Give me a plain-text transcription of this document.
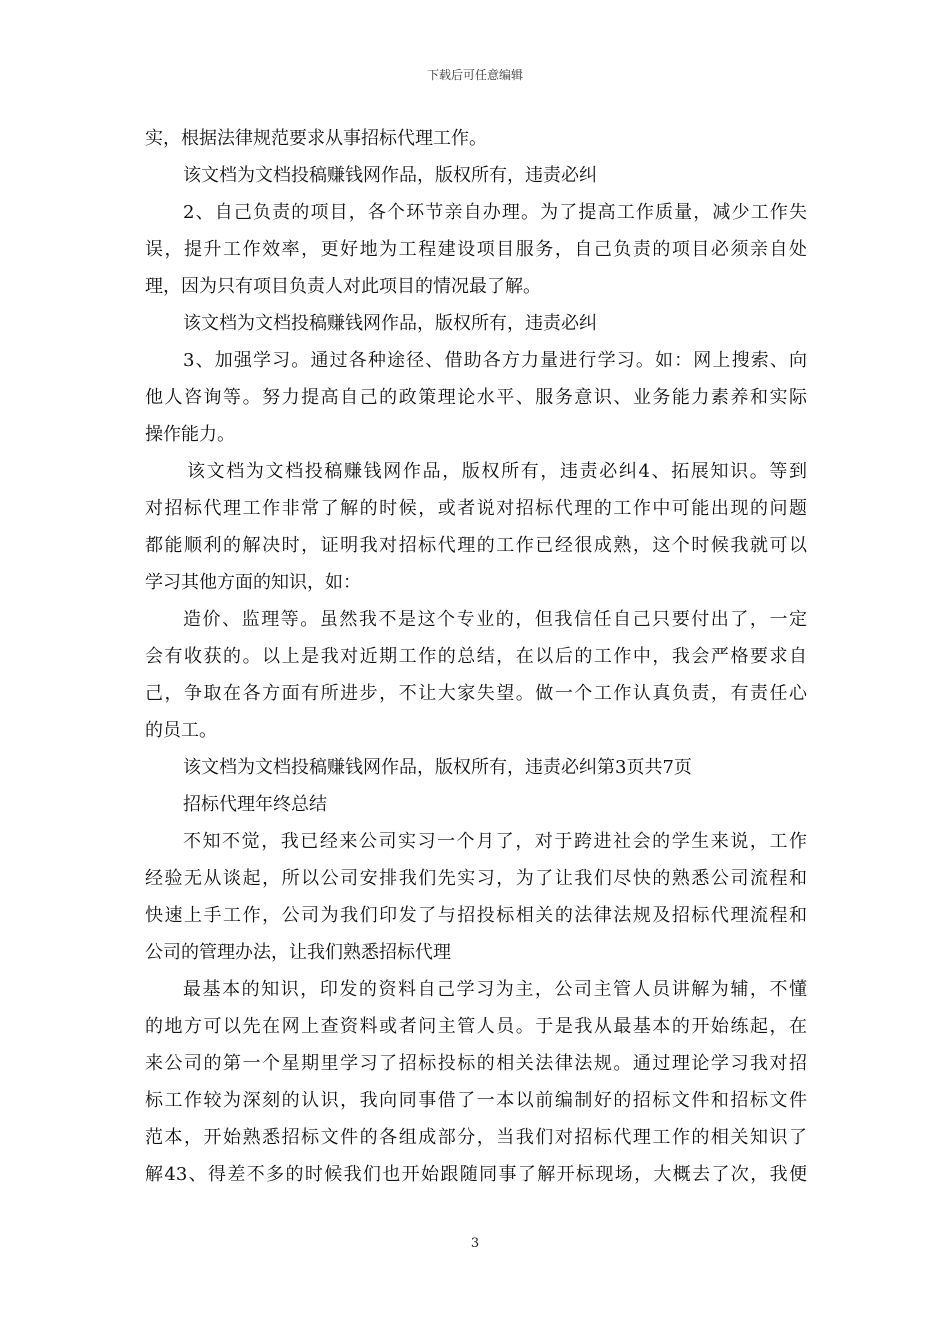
下载后可任意编辑
实，根据法律规范要求从事招标代理工作。
该文档为文档投稿赚钱网作品，版权所有，违责必纠
2、自己负责的项目，各个环节亲自办理。为了提高工作质量，减少工作失
误，提升工作效率，更好地为工程建设项目服务，自己负责的项目必须亲自处
理，因为只有项目负责人对此项目的情况最了解。
该文档为文档投稿赚钱网作品，版权所有，违责必纠
3、加强学习。通过各种途径、借助各方力量进行学习。如：网上搜索、向
他人咨询等。努力提高自己的政策理论水平、服务意识、业务能力素养和实际
操作能力。
该文档为文档投稿赚钱网作品，版权所有，违责必纠4、拓展知识。等到
对招标代理工作非常了解的时候，或者说对招标代理的工作中可能出现的问题
都能顺利的解决时，证明我对招标代理的工作已经很成熟，这个时候我就可以
学习其他方面的知识，如：
造价、监理等。虽然我不是这个专业的，但我信任自己只要付出了，一定
会有收获的。以上是我对近期工作的总结，在以后的工作中，我会严格要求自
己，争取在各方面有所进步，不让大家失望。做一个工作认真负责，有责任心
的员工。
该文档为文档投稿赚钱网作品，版权所有，违责必纠第3页共7页
招标代理年终总结
不知不觉，我已经来公司实习一个月了，对于跨进社会的学生来说，工作
经验无从谈起，所以公司安排我们先实习，为了让我们尽快的熟悉公司流程和
快速上手工作，公司为我们印发了与招投标相关的法律法规及招标代理流程和
公司的管理办法，让我们熟悉招标代理
最基本的知识，印发的资料自己学习为主，公司主管人员讲解为辅，不懂
的地方可以先在网上查资料或者问主管人员。于是我从最基本的开始练起，在
来公司的第一个星期里学习了招标投标的相关法律法规。通过理论学习我对招
标工作较为深刻的认识，我向同事借了一本以前编制好的招标文件和招标文件
范本，开始熟悉招标文件的各组成部分，当我们对招标代理工作的相关知识了
解43、得差不多的时候我们也开始跟随同事了解开标现场，大概去了次，我便
3
